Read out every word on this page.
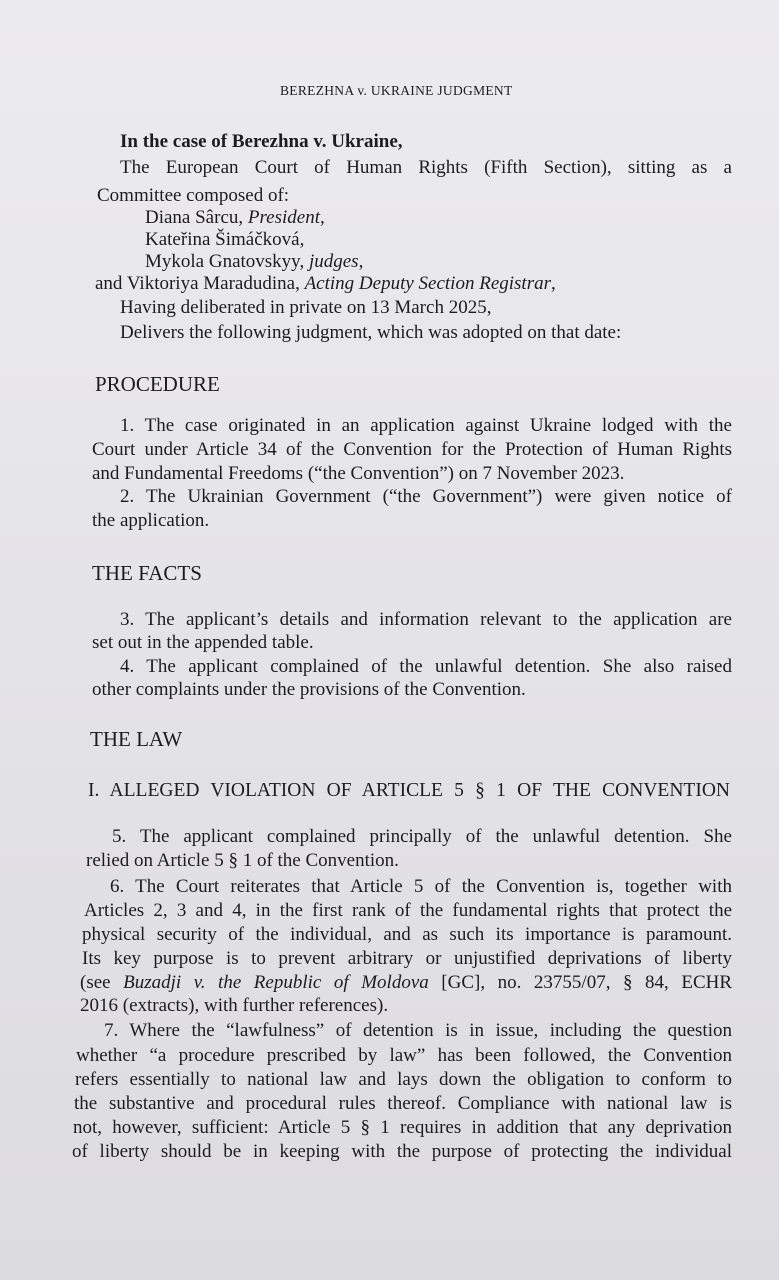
BEREZHNA v. UKRAINE JUDGMENT
In the case of Berezhna v. Ukraine,
The European Court of Human Rights (Fifth Section), sitting as a
Committee composed of:
Diana Sârcu, President,
Kateřina Šimáčková,
Mykola Gnatovskyy, judges,
and Viktoriya Maradudina, Acting Deputy Section Registrar,
Having deliberated in private on 13 March 2025,
Delivers the following judgment, which was adopted on that date:
PROCEDURE
1. The case originated in an application against Ukraine lodged with the
Court under Article 34 of the Convention for the Protection of Human Rights
and Fundamental Freedoms (“the Convention”) on 7 November 2023.
2. The Ukrainian Government (“the Government”) were given notice of
the application.
THE FACTS
3. The applicant’s details and information relevant to the application are
set out in the appended table.
4. The applicant complained of the unlawful detention. She also raised
other complaints under the provisions of the Convention.
THE LAW
I. ALLEGED VIOLATION OF ARTICLE 5 § 1 OF THE CONVENTION
5. The applicant complained principally of the unlawful detention. She
relied on Article 5 § 1 of the Convention.
6. The Court reiterates that Article 5 of the Convention is, together with
Articles 2, 3 and 4, in the first rank of the fundamental rights that protect the
physical security of the individual, and as such its importance is paramount.
Its key purpose is to prevent arbitrary or unjustified deprivations of liberty
(see Buzadji v. the Republic of Moldova [GC], no. 23755/07, § 84, ECHR
2016 (extracts), with further references).
7. Where the “lawfulness” of detention is in issue, including the question
whether “a procedure prescribed by law” has been followed, the Convention
refers essentially to national law and lays down the obligation to conform to
the substantive and procedural rules thereof. Compliance with national law is
not, however, sufficient: Article 5 § 1 requires in addition that any deprivation
of liberty should be in keeping with the purpose of protecting the individual
